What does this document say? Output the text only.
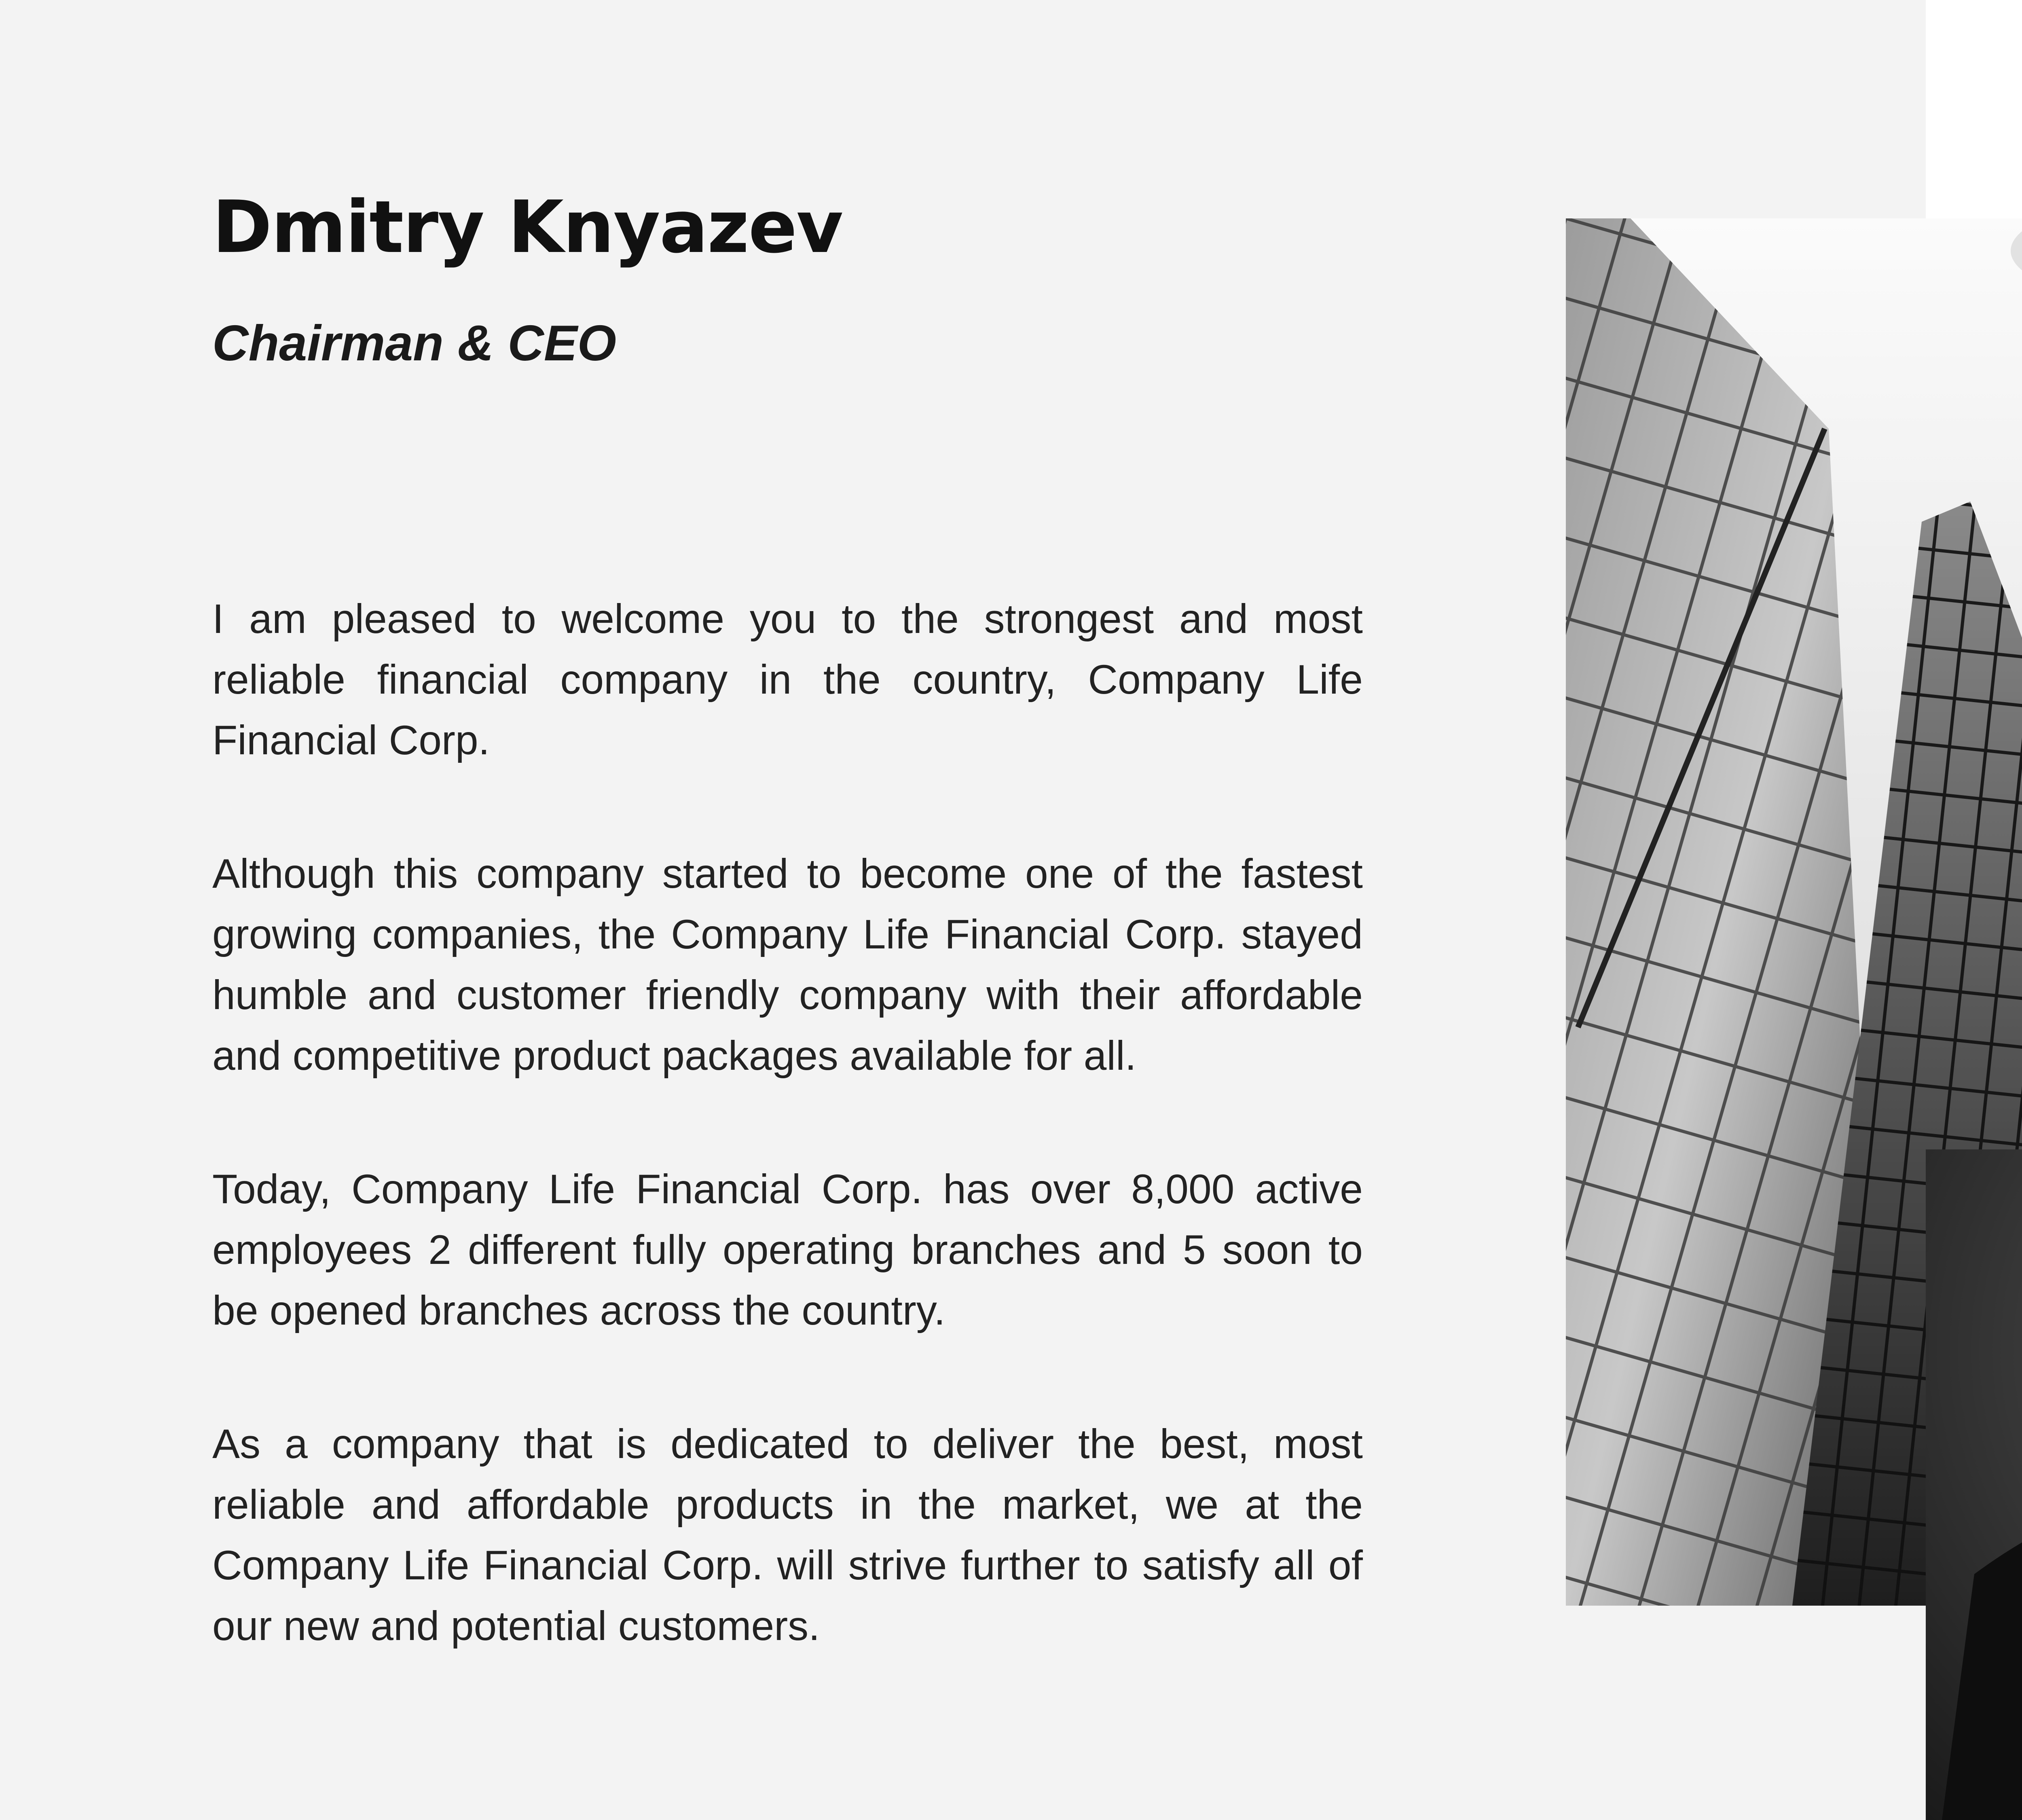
Dmitry Knyazev
Chairman & CEO

I am pleased to welcome you to the strongest and most reliable financial company in the country, Company Life Financial Corp.

Although this company started to become one of the fastest growing companies, the Company Life Financial Corp. stayed humble and customer friendly company with their affordable and competitive product packages available for all.

Today, Company Life Financial Corp. has over 8,000 active employees 2 different fully operating branches and 5 soon to be opened branches across the country.

As a company that is dedicated to deliver the best, most reliable and affordable products in the market, we at the Company Life Financial Corp. will strive further to satisfy all of our new and potential customers.
